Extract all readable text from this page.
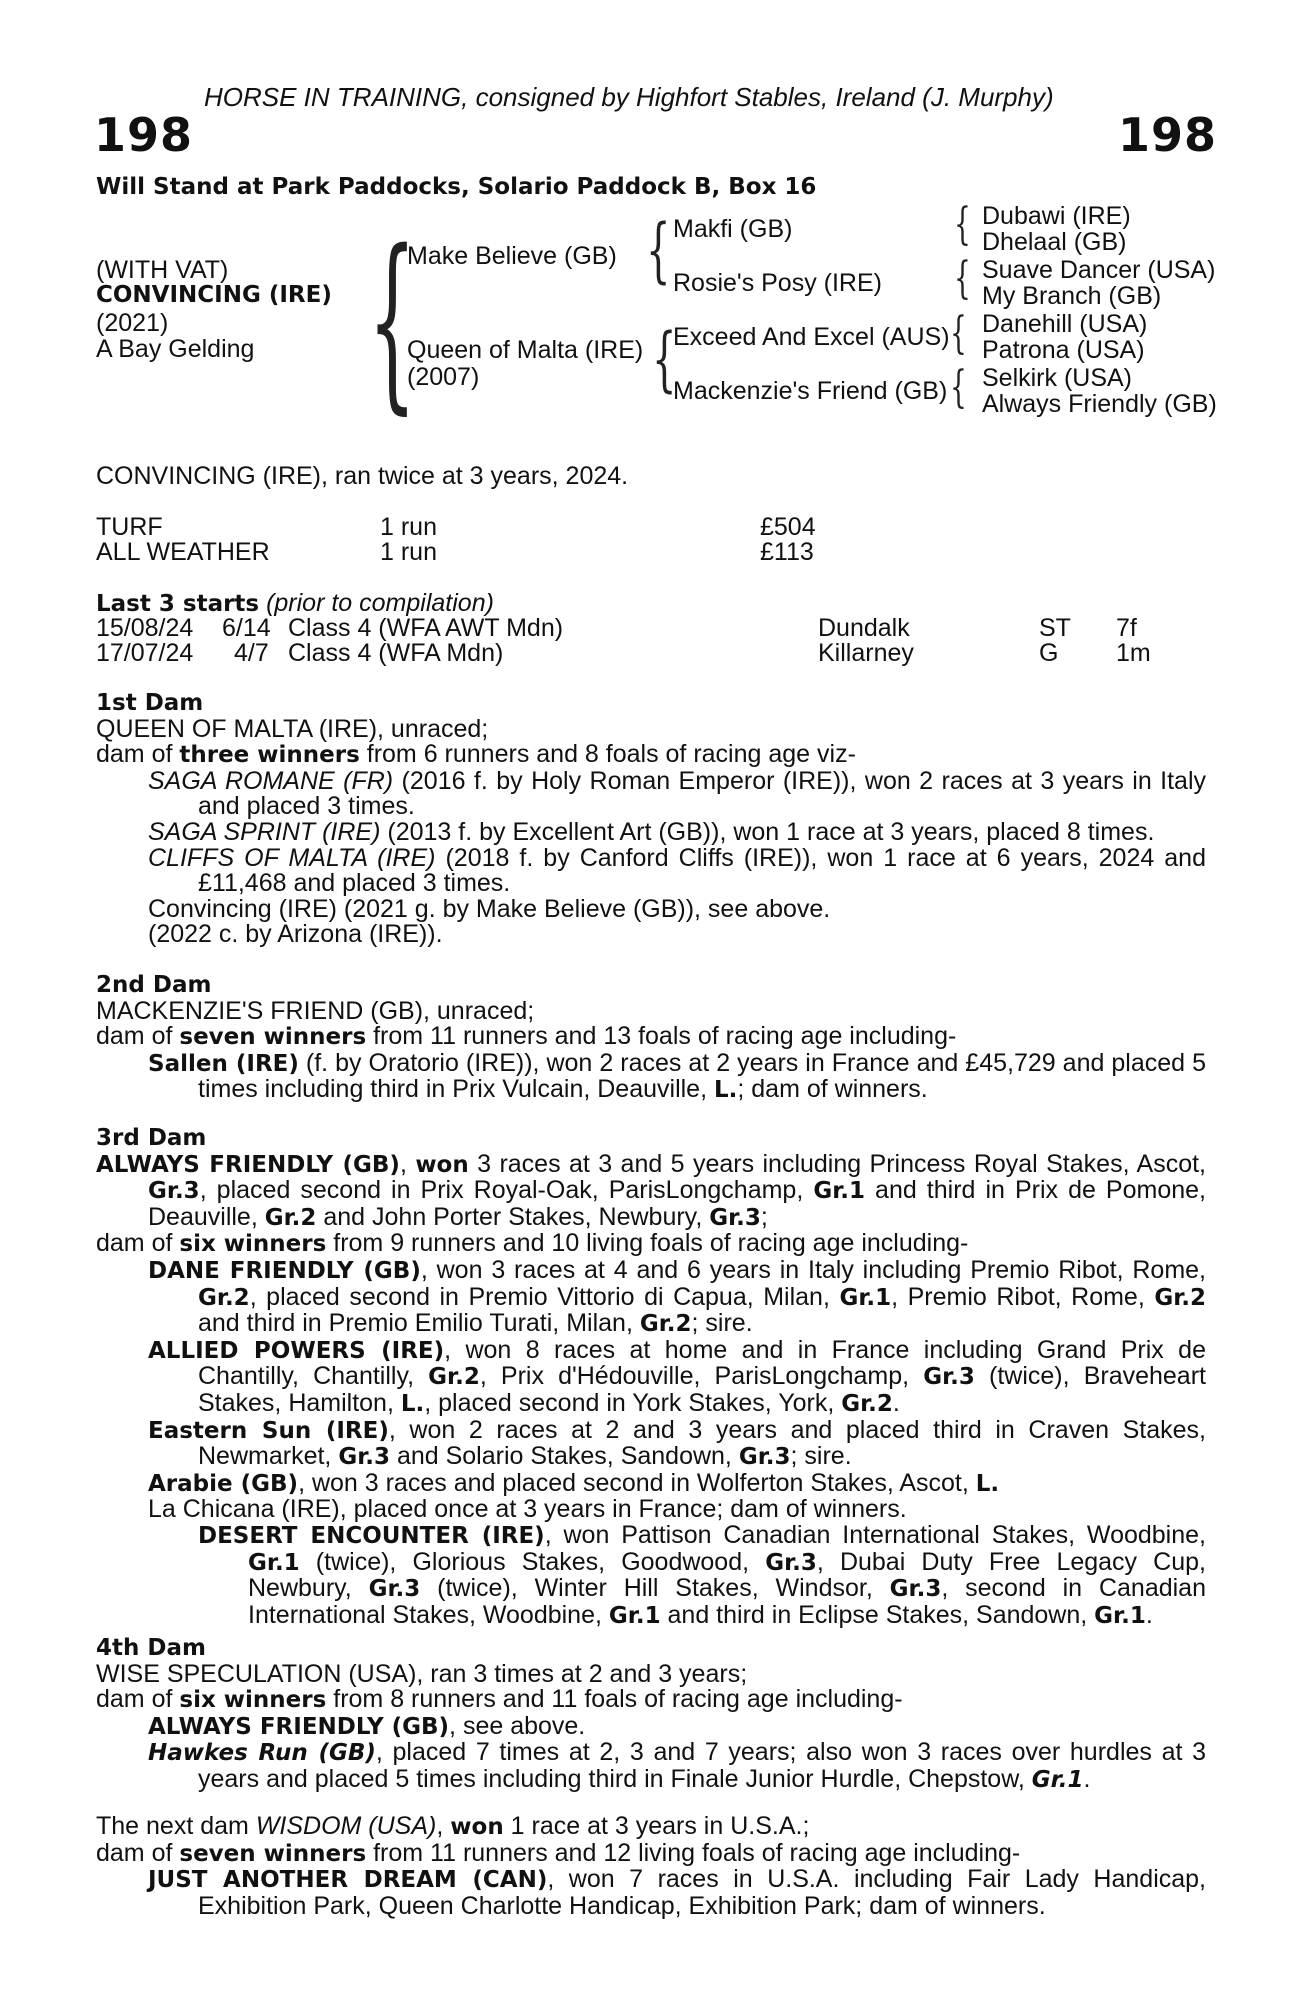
HORSE IN TRAINING, consigned by Highfort Stables, Ireland (J. Murphy)
198	198
Will Stand at Park Paddocks, Solario Paddock B, Box 16
(WITH VAT)
CONVINCING (IRE)
(2021)
A Bay Gelding {	{
{
{
{
{
{
Make Believe (GB)
Queen of Malta (IRE)
(2007)
Makfi (GB)
Rosie's Posy (IRE)
Exceed And Excel (AUS)
Mackenzie's Friend (GB)
Dubawi (IRE)
Dhelaal (GB)
Suave Dancer (USA)
My Branch (GB)
Danehill (USA)
Patrona (USA)
Selkirk (USA)
Always Friendly (GB)
CONVINCING (IRE), ran twice at 3 years, 2024.
TURF	1 run	£504
ALL WEATHER	1 run	£113
Last 3 starts (prior to compilation)
15/08/24 6/14 Class 4 (WFA AWT Mdn)	Dundalk	ST 7f
17/07/24 4/7 Class 4 (WFA Mdn)	Killarney	G 1m

1st Dam

QUEEN OF MALTA (IRE), unraced;

dam of three winners from 6 runners and 8 foals of racing age viz-

SAGA ROMANE (FR) (2016 f. by Holy Roman Emperor (IRE)), won 2 races at 3 years in Italy and placed 3 times.

SAGA SPRINT (IRE) (2013 f. by Excellent Art (GB)), won 1 race at 3 years, placed 8 times.

CLIFFS OF MALTA (IRE) (2018 f. by Canford Cliffs (IRE)), won 1 race at 6 years, 2024 and £11,468 and placed 3 times.

Convincing (IRE) (2021 g. by Make Believe (GB)), see above.

(2022 c. by Arizona (IRE)).

2nd Dam

MACKENZIE'S FRIEND (GB), unraced;

dam of seven winners from 11 runners and 13 foals of racing age including-

Sallen (IRE) (f. by Oratorio (IRE)), won 2 races at 2 years in France and £45,729 and placed 5 times including third in Prix Vulcain, Deauville, L.; dam of winners.

3rd Dam

ALWAYS FRIENDLY (GB), won 3 races at 3 and 5 years including Princess Royal Stakes, Ascot, Gr.3, placed second in Prix Royal-Oak, ParisLongchamp, Gr.1 and third in Prix de Pomone, Deauville, Gr.2 and John Porter Stakes, Newbury, Gr.3;

dam of six winners from 9 runners and 10 living foals of racing age including-

DANE FRIENDLY (GB), won 3 races at 4 and 6 years in Italy including Premio Ribot, Rome, Gr.2, placed second in Premio Vittorio di Capua, Milan, Gr.1, Premio Ribot, Rome, Gr.2 and third in Premio Emilio Turati, Milan, Gr.2; sire.

ALLIED POWERS (IRE), won 8 races at home and in France including Grand Prix de Chantilly, Chantilly, Gr.2, Prix d'Hédouville, ParisLongchamp, Gr.3 (twice), Braveheart Stakes, Hamilton, L., placed second in York Stakes, York, Gr.2.

Eastern Sun (IRE), won 2 races at 2 and 3 years and placed third in Craven Stakes, Newmarket, Gr.3 and Solario Stakes, Sandown, Gr.3; sire.

Arabie (GB), won 3 races and placed second in Wolferton Stakes, Ascot, L.

La Chicana (IRE), placed once at 3 years in France; dam of winners.

DESERT ENCOUNTER (IRE), won Pattison Canadian International Stakes, Woodbine, Gr.1 (twice), Glorious Stakes, Goodwood, Gr.3, Dubai Duty Free Legacy Cup, Newbury, Gr.3 (twice), Winter Hill Stakes, Windsor, Gr.3, second in Canadian International Stakes, Woodbine, Gr.1 and third in Eclipse Stakes, Sandown, Gr.1.

4th Dam

WISE SPECULATION (USA), ran 3 times at 2 and 3 years;

dam of six winners from 8 runners and 11 foals of racing age including-

ALWAYS FRIENDLY (GB), see above.

Hawkes Run (GB), placed 7 times at 2, 3 and 7 years; also won 3 races over hurdles at 3 years and placed 5 times including third in Finale Junior Hurdle, Chepstow, Gr.1.

The next dam WISDOM (USA), won 1 race at 3 years in U.S.A.;

dam of seven winners from 11 runners and 12 living foals of racing age including-

JUST ANOTHER DREAM (CAN), won 7 races in U.S.A. including Fair Lady Handicap, Exhibition Park, Queen Charlotte Handicap, Exhibition Park; dam of winners.
